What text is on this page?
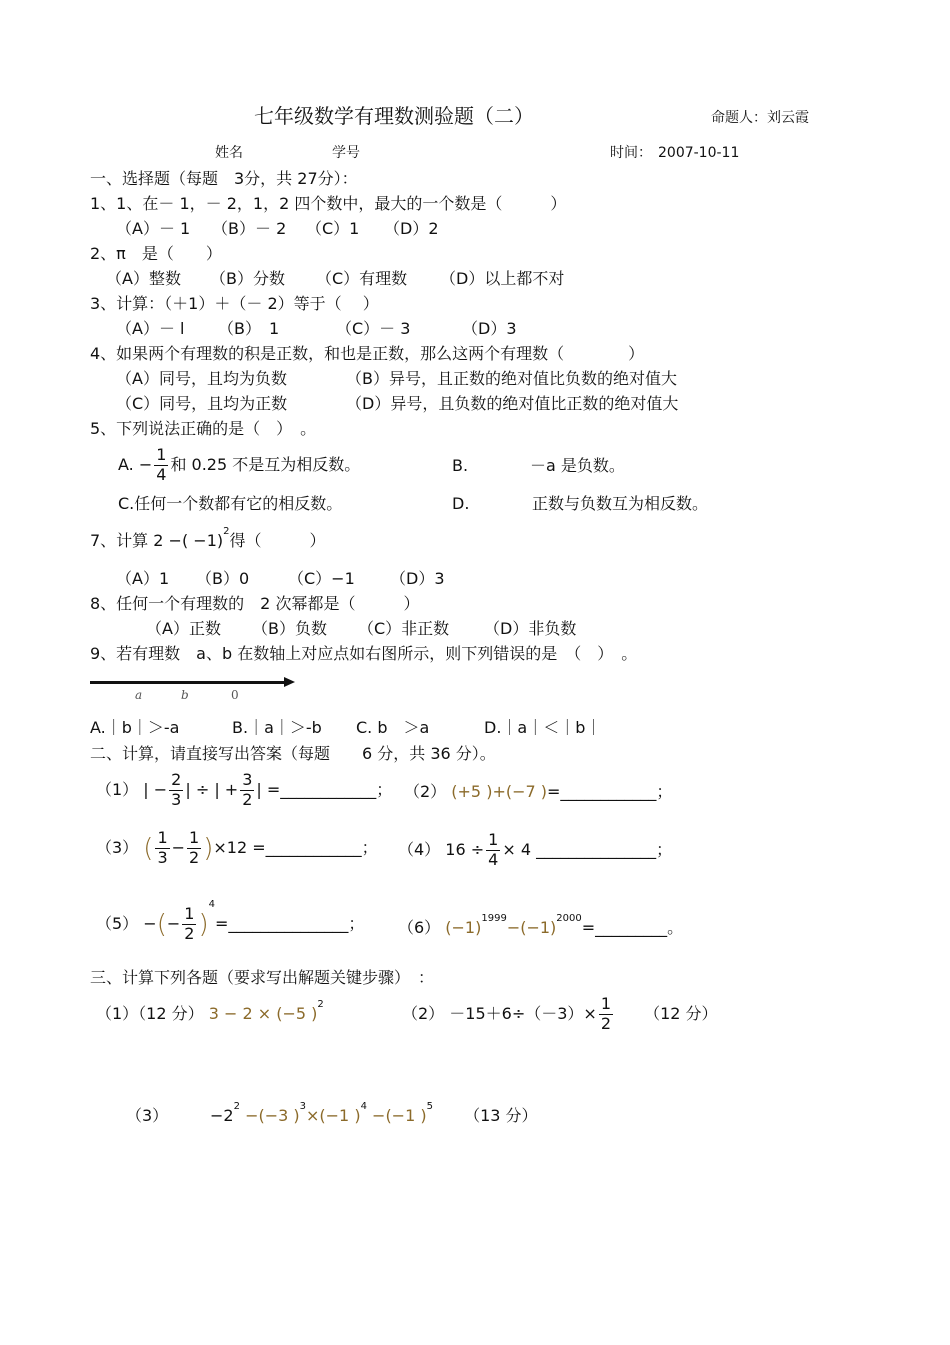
七年级数学有理数测验题（二）	命题人：刘云霞
姓名	学号	时间： 2007-10-11
一、选择题（每题　3分，共 27分）：
1、1、在－ 1，－ 2，1，2 四个数中，最大的一个数是（　　　）
（A）－ 1 （B）－ 2 （C）1 （D）2
2、π　是（　　）
（A）整数 （B）分数 （C）有理数 （D）以上都不对
3、计算：（＋1）＋（－ 2）等于（　 ）
（A）－ l （B）　1	（C）－ 3	（D）3
4、如果两个有理数的积是正数，和也是正数，那么这两个有理数（　　　　）
（A）同号，且均为负数	（B）异号，且正数的绝对值比负数的绝对值大
（C）同号，且均为正数	（D）异号，且负数的绝对值比正数的绝对值大
5、下列说法正确的是（　）　。
A. − $\frac{1}{4}$ 和 0.25 不是互为相反数。	B.	－a 是负数。
C.任何一个数都有它的相反数。	D.	正数与负数互为相反数。
7、计算 2 −( −1)$^2$得（　　　）
（A）1 （B）0 （C）−1 （D）3
8、任何一个有理数的　2 次幂都是（　　　）
（A）正数 （B）负数 （C）非正数 （D）非负数
9、若有理数　a、b 在数轴上对应点如右图所示，则下列错误的是　（　）　。
a	b	0
A.｜b｜＞-a	B.｜a｜＞-b C. b　＞a	D.｜a｜＜｜b｜
二、计算，请直接写出答案（每题　　6 分，共 36 分）。
（1） | − $\frac{2}{3}$ | ÷ | + $\frac{3}{2}$ | =____________； （2） (+5 )+(−7 )=____________；
（3） ( $\frac{1}{3} - \frac{1}{2} )\times 12$ =____________； （4） $16 \div \frac{1}{4} \times 4$ _______________；
（5） −(− $\frac{1}{2}$ )$^4$=_______________； （6） $(-1)^{1999}-(-1)^{2000}=\_\_\_\_\_\_\_\_\_$。
三、计算下列各题（要求写出解题关键步骤）　：
（1）（12 分） 3 − 2 × (−5 )$^2$	$(2) -15+6\div(-3)\times \frac{1}{2} (12$ 分）
（3）	$-2^2 -(-3$ )$^3$×(−1 )$^4$ −(−1 )$^5$ （13 分）
